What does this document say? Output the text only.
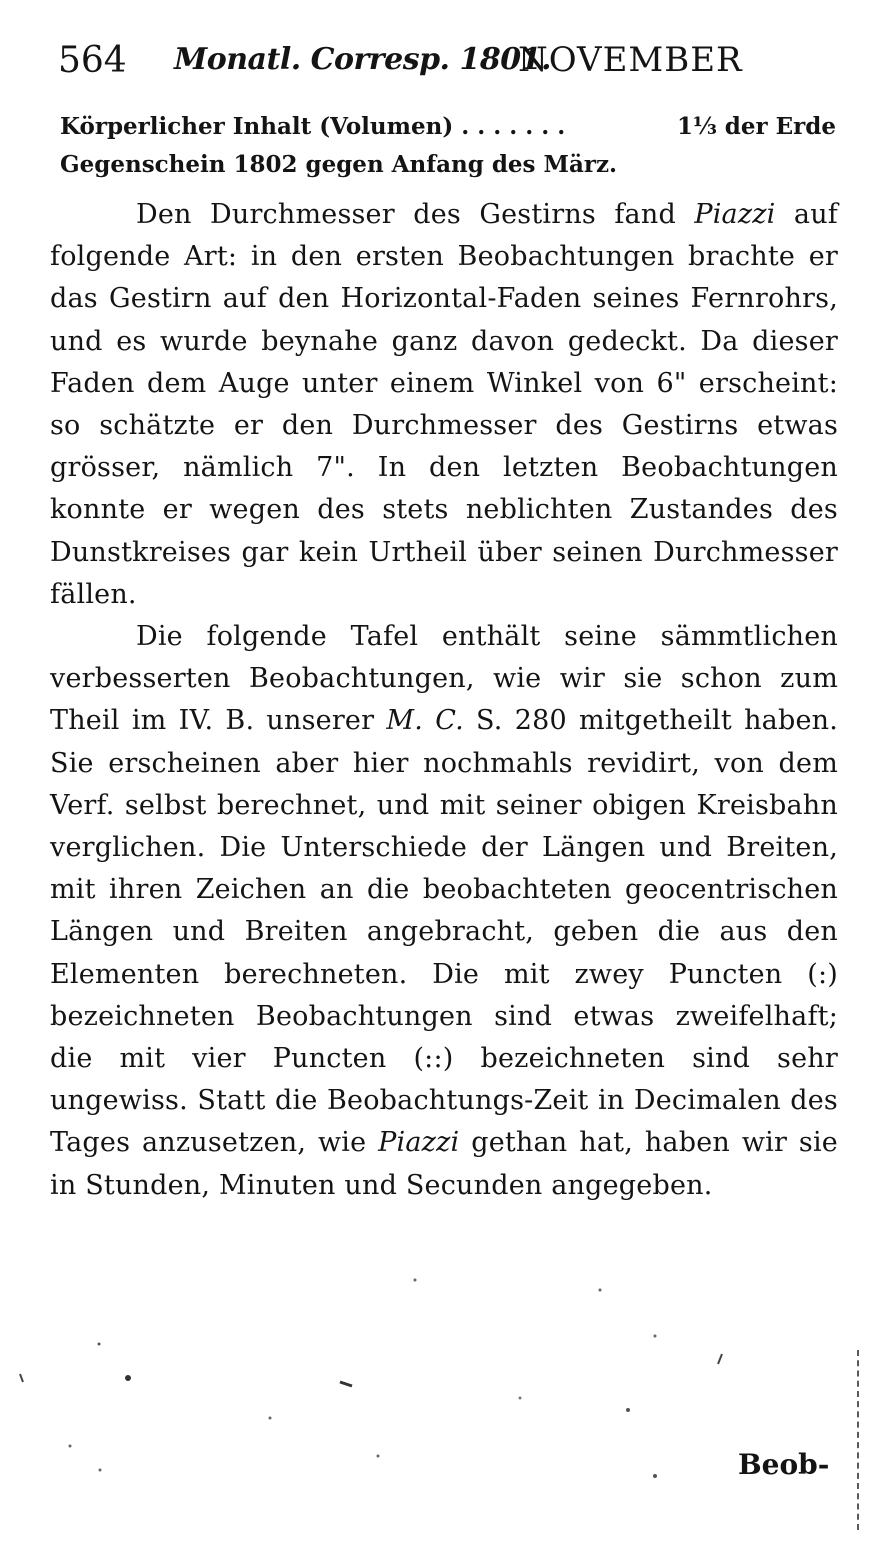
564 Monatl. Corresp. 1801.
NOVEMBER
Körperlicher Inhalt (Volumen) . . . . . . .	1⅓ der Erde
Gegenschein 1802 gegen Anfang des März.

Den Durchmesser des Gestirns fand Piazzi auf folgende Art: in den ersten Beobachtungen brachte er das Gestirn auf den Horizontal-Faden seines Fernrohrs, und es wurde beynahe ganz davon gedeckt. Da dieser Faden dem Auge unter einem Winkel von 6" erscheint: so schätzte er den Durchmesser des Gestirns etwas grösser, nämlich 7". In den letzten Beobachtungen konnte er wegen des stets neblichten Zustandes des Dunstkreises gar kein Urtheil über seinen Durchmesser fällen.

Die folgende Tafel enthält seine sämmtlichen verbesserten Beobachtungen, wie wir sie schon zum Theil im IV. B. unserer M. C. S. 280 mitgetheilt haben. Sie erscheinen aber hier nochmahls revidirt, von dem Verf. selbst berechnet, und mit seiner obigen Kreisbahn verglichen. Die Unterschiede der Längen und Breiten, mit ihren Zeichen an die beobachteten geocentrischen Längen und Breiten angebracht, geben die aus den Elementen berechneten. Die mit zwey Puncten (:) bezeichneten Beobachtungen sind etwas zweifelhaft; die mit vier Puncten (::) bezeichneten sind sehr ungewiss. Statt die Beobachtungs-Zeit in Decimalen des Tages anzusetzen, wie Piazzi gethan hat, haben wir sie in Stunden, Minuten und Secunden angegeben.

Beob-
